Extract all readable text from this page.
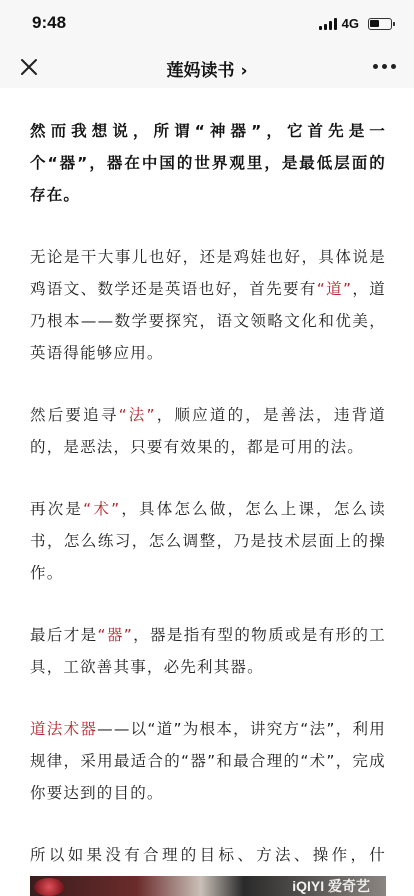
9:48	4G
莲妈读书 ›

然而我想说，所谓“神器”，它首先是一个“器”，器在中国的世界观里，是最低层面的存在。

无论是干大事儿也好，还是鸡娃也好，具体说是鸡语文、数学还是英语也好，首先要有“道”，道乃根本——数学要探究，语文领略文化和优美，英语得能够应用。

然后要追寻“法”，顺应道的，是善法，违背道的，是恶法，只要有效果的，都是可用的法。

再次是“术”，具体怎么做，怎么上课，怎么读书，怎么练习，怎么调整，乃是技术层面上的操作。

最后才是“器”，器是指有型的物质或是有形的工具，工欲善其事，必先利其器。

道法术器——以“道”为根本，讲究方“法”，利用规律，采用最适合的“器”和最合理的“术”，完成你要达到的目的。

所以如果没有合理的目标、方法、操作，什

iQIYI 爱奇艺
